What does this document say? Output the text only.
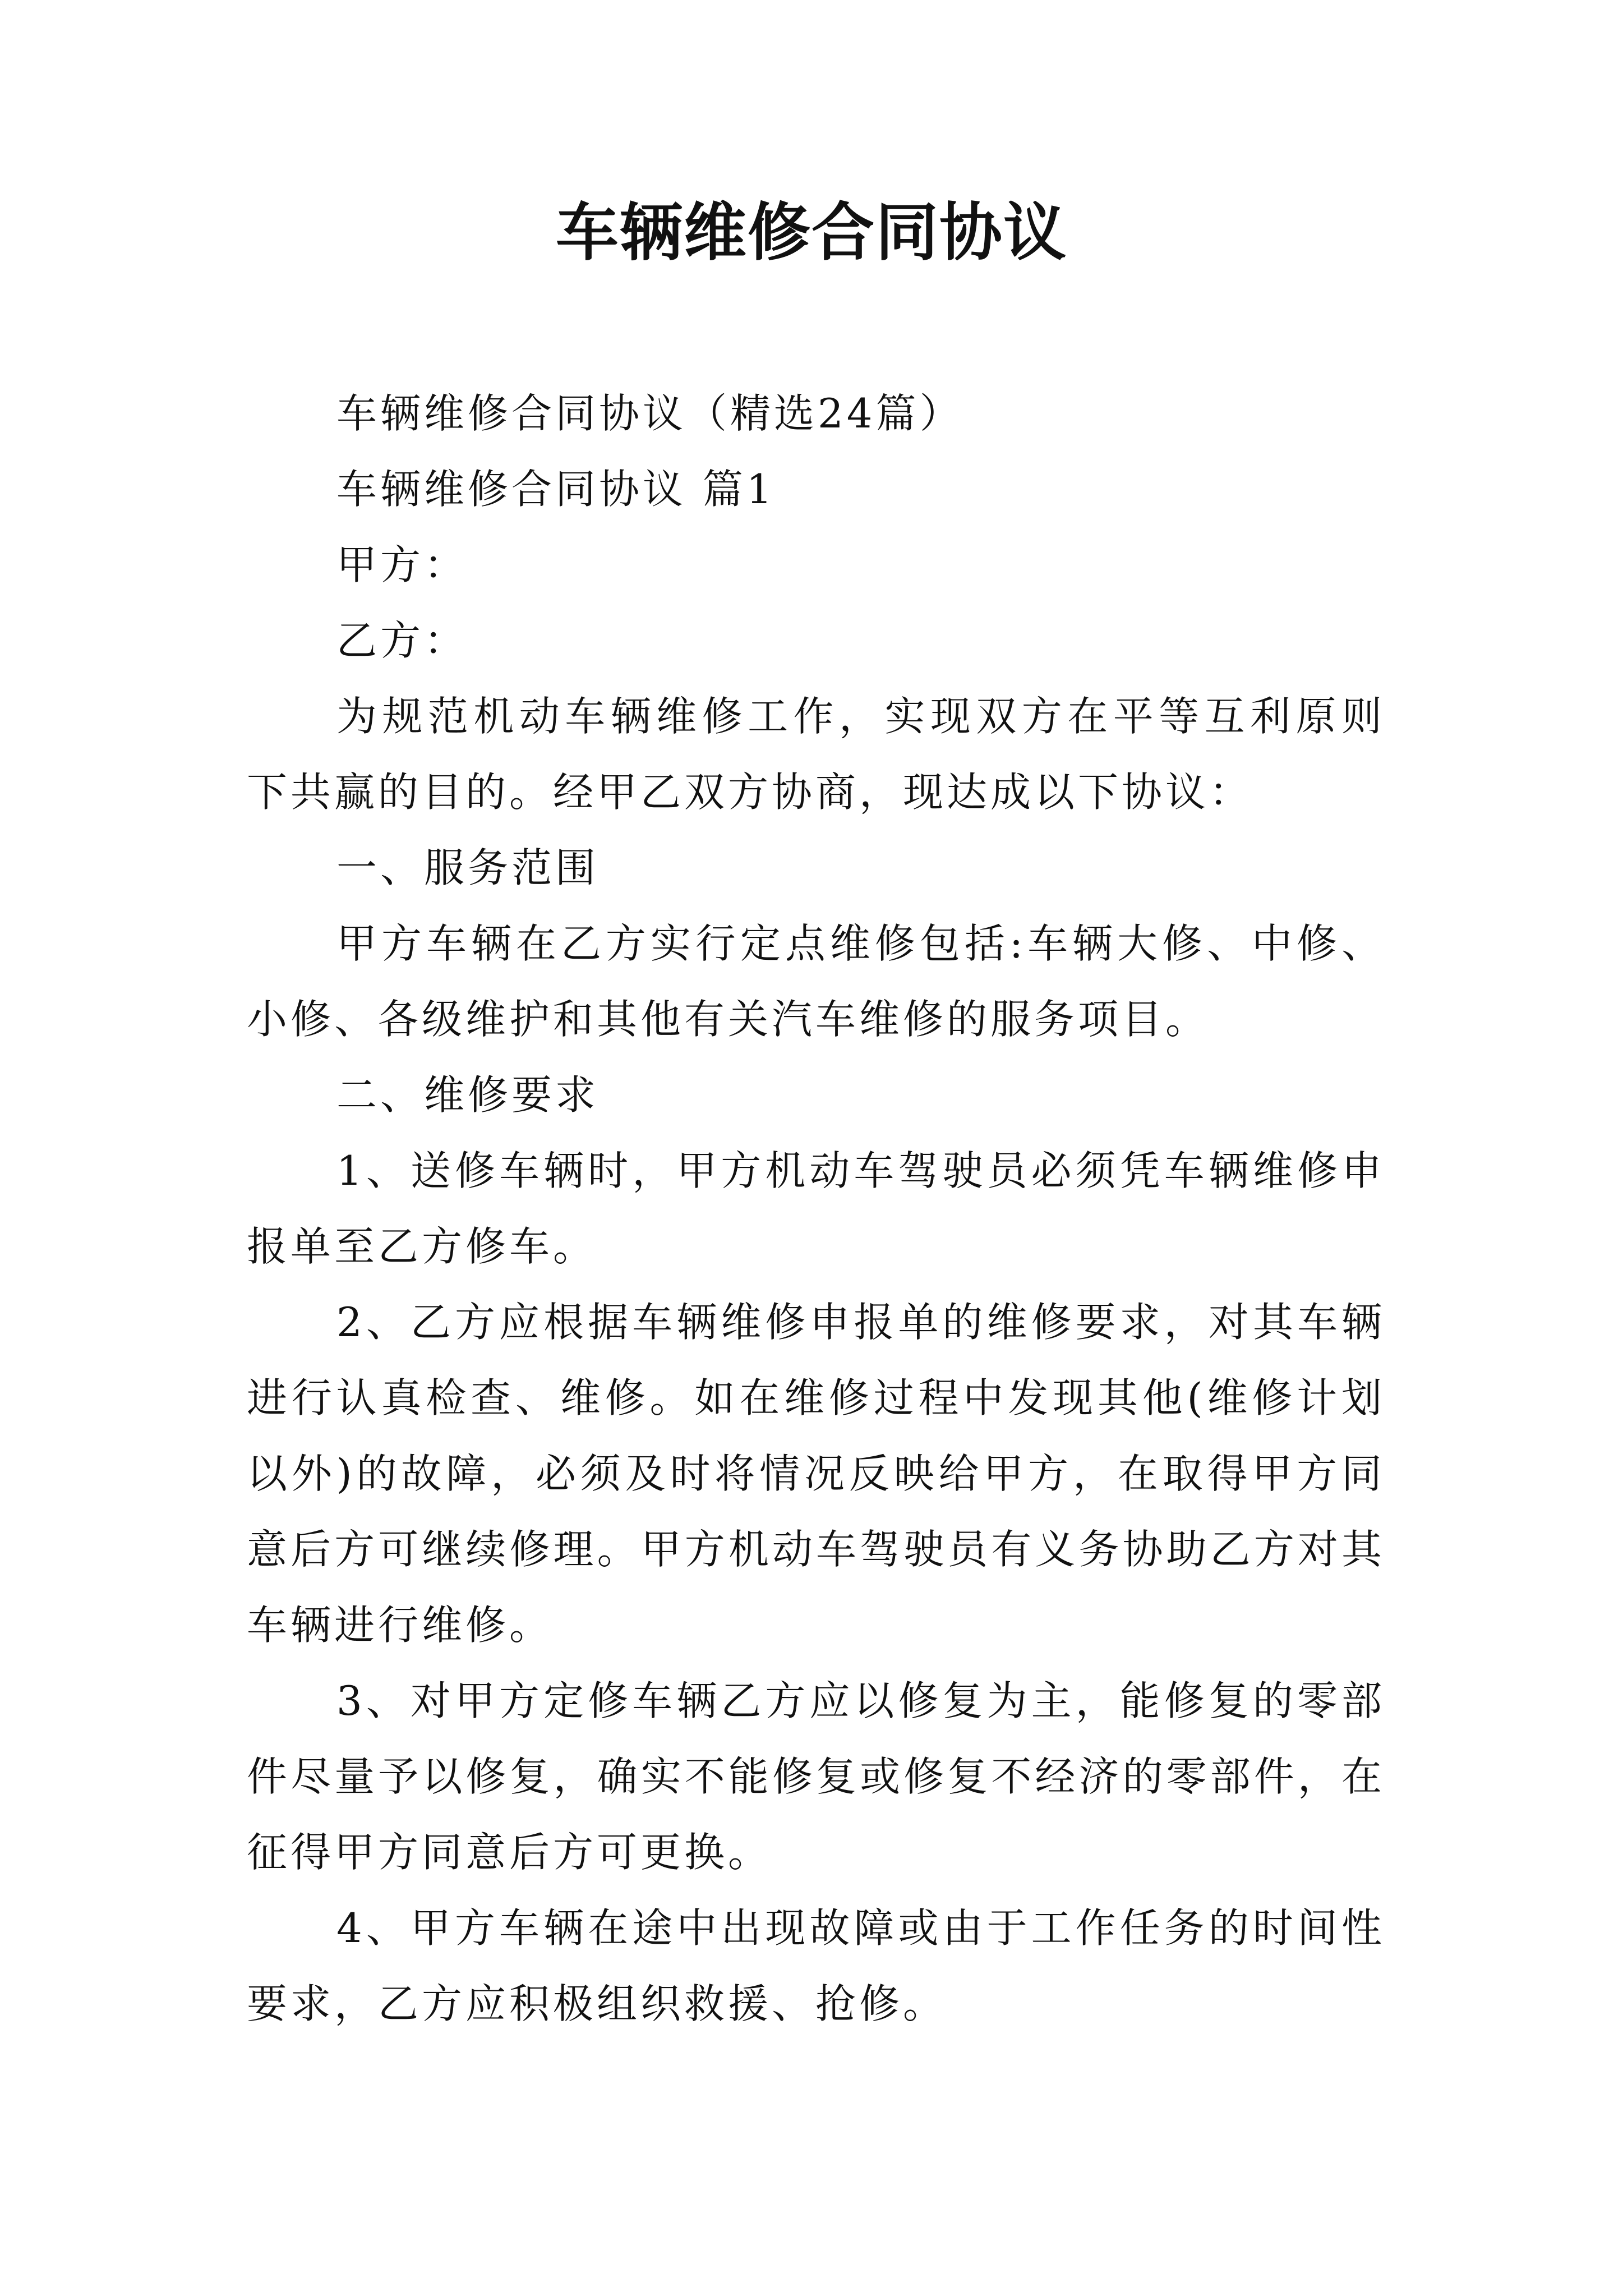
车辆维修合同协议

车辆维修合同协议（精选24篇）

车辆维修合同协议 篇1

甲方：

乙方：

为规范机动车辆维修工作，实现双方在平等互利原则下共赢的目的。经甲乙双方协商，现达成以下协议：

一、服务范围

甲方车辆在乙方实行定点维修包括:车辆大修、中修、小修、各级维护和其他有关汽车维修的服务项目。

二、维修要求

1、送修车辆时，甲方机动车驾驶员必须凭车辆维修申报单至乙方修车。

2、乙方应根据车辆维修申报单的维修要求，对其车辆进行认真检查、维修。如在维修过程中发现其他(维修计划以外)的故障，必须及时将情况反映给甲方，在取得甲方同意后方可继续修理。甲方机动车驾驶员有义务协助乙方对其车辆进行维修。

3、对甲方定修车辆乙方应以修复为主，能修复的零部件尽量予以修复，确实不能修复或修复不经济的零部件，在征得甲方同意后方可更换。

4、甲方车辆在途中出现故障或由于工作任务的时间性要求，乙方应积极组织救援、抢修。
